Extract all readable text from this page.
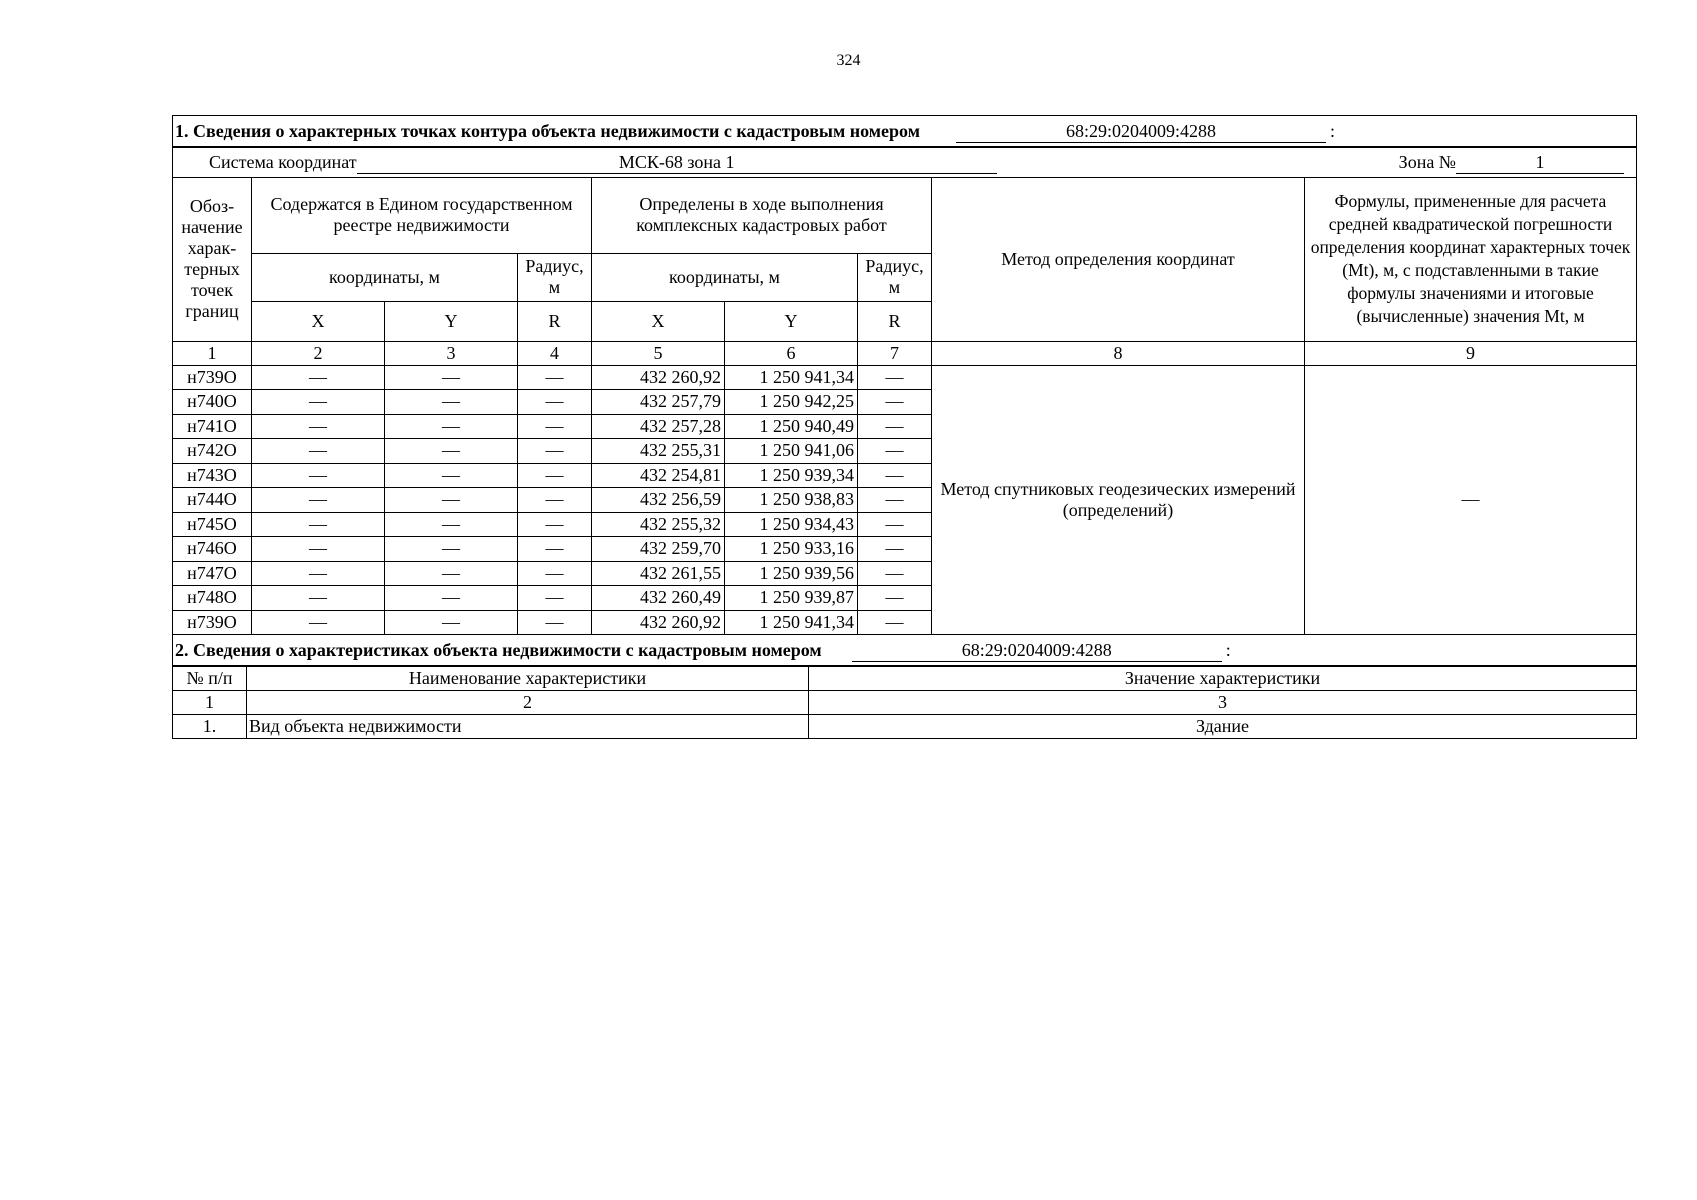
324
1. Сведения о характерных точках контура объекта недвижимости с кадастровым номером 68:29:0204009:4288 :								

Система координат МСК-68 зона 1 Зона № 1								

Обоз-начение харак-терных точек границ	Содержатся в Едином государственном реестре недвижимости			Определены в ходе выполнения комплексных кадастровых работ			Метод определения координат	Формулы, примененные для расчета средней квадратической погрешности определения координат характерных точек (Mt), м, с подставленными в такие формулы значениями и итоговые (вычисленные) значения Mt, м
	координаты, м		Радиус, м	координаты, м		Радиус, м		
	X	Y	R	X	Y	R		
1	2	3	4	5	6	7	8	9
н739О	—	—	—	432 260,92	1 250 941,34	—	Метод спутниковых геодезических измерений (определений)	—
н740О	—	—	—	432 257,79	1 250 942,25	—		
н741О	—	—	—	432 257,28	1 250 940,49	—		
н742О	—	—	—	432 255,31	1 250 941,06	—		
н743О	—	—	—	432 254,81	1 250 939,34	—		
н744О	—	—	—	432 256,59	1 250 938,83	—		
н745О	—	—	—	432 255,32	1 250 934,43	—		
н746О	—	—	—	432 259,70	1 250 933,16	—		
н747О	—	—	—	432 261,55	1 250 939,56	—		
н748О	—	—	—	432 260,49	1 250 939,87	—		
н739О	—	—	—	432 260,92	1 250 941,34	—		
2. Сведения о характеристиках объекта недвижимости с кадастровым номером 68:29:0204009:4288 :		

№ п/п	Наименование характеристики	Значение характеристики
1	2	3
1.	Вид объекта недвижимости	Здание
